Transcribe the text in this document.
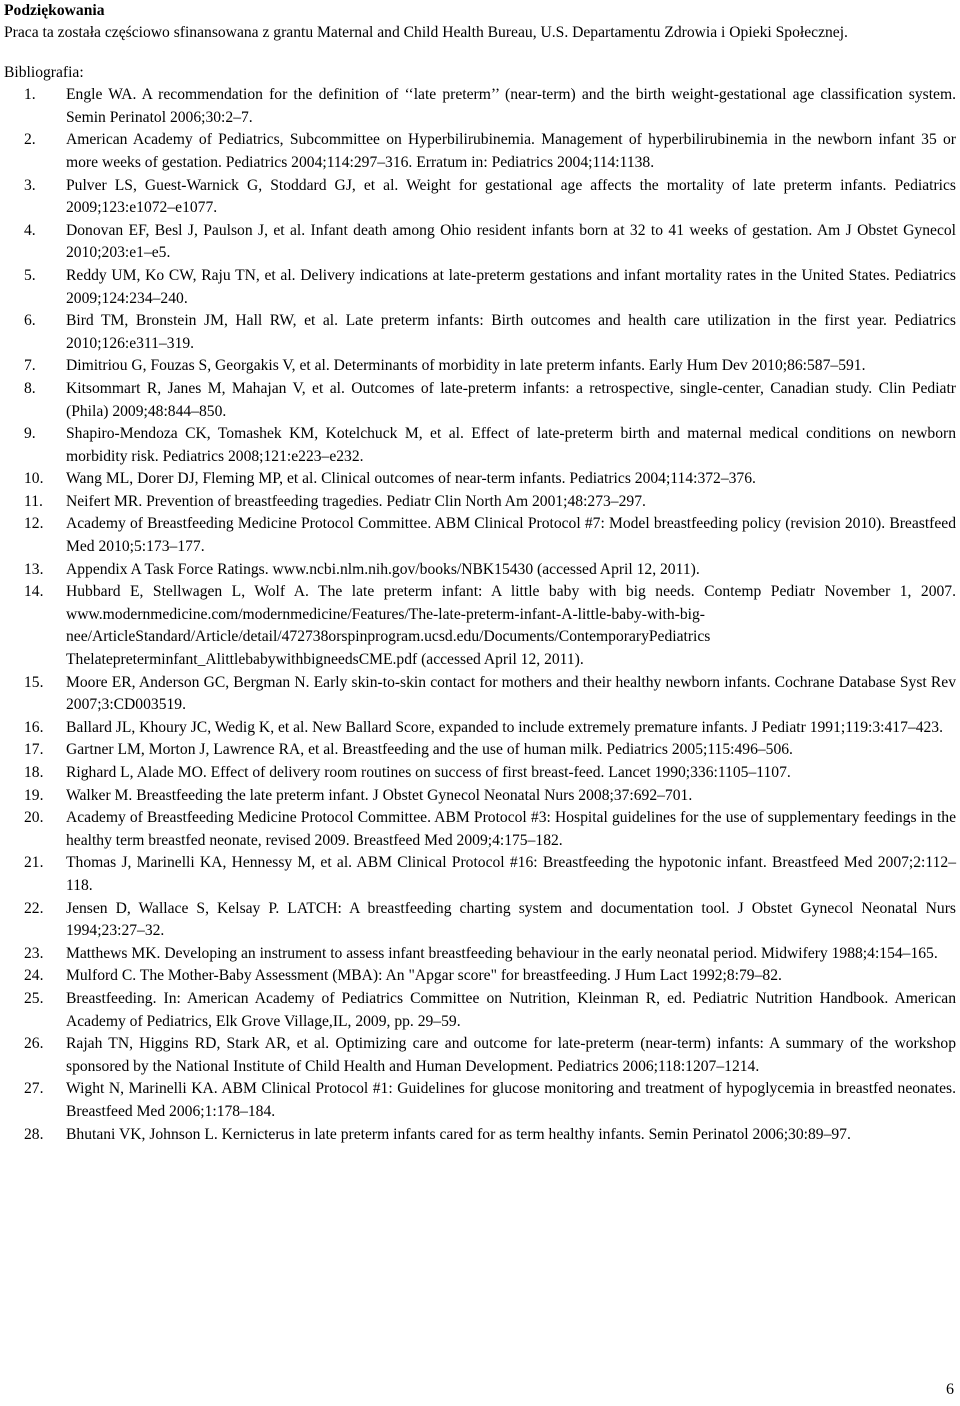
Podziękowania

Praca ta została częściowo sfinansowana z grantu Maternal and Child Health Bureau, U.S. Departamentu Zdrowia i Opieki Społecznej.

Bibliografia:
1.	Engle WA. A recommendation for the definition of ‘‘late preterm’’ (near-term) and the birth weight-gestational age classification system. Semin Perinatol 2006;30:2–7.
2.	American Academy of Pediatrics, Subcommittee on Hyperbilirubinemia. Management of hyperbilirubinemia in the newborn infant 35 or more weeks of gestation. Pediatrics 2004;114:297–316. Erratum in: Pediatrics 2004;114:1138.
3.	Pulver LS, Guest-Warnick G, Stoddard GJ, et al. Weight for gestational age affects the mortality of late preterm infants. Pediatrics 2009;123:e1072–e1077.
4.	Donovan EF, Besl J, Paulson J, et al. Infant death among Ohio resident infants born at 32 to 41 weeks of gestation. Am J Obstet Gynecol 2010;203:e1–e5.
5.	Reddy UM, Ko CW, Raju TN, et al. Delivery indications at late-preterm gestations and infant mortality rates in the United States. Pediatrics 2009;124:234–240.
6.	Bird TM, Bronstein JM, Hall RW, et al. Late preterm infants: Birth outcomes and health care utilization in the first year. Pediatrics 2010;126:e311–319.
7.	Dimitriou G, Fouzas S, Georgakis V, et al. Determinants of morbidity in late preterm infants. Early Hum Dev 2010;86:587–591.
8.	Kitsommart R, Janes M, Mahajan V, et al. Outcomes of late-preterm infants: a retrospective, single-center, Canadian study. Clin Pediatr (Phila) 2009;48:844–850.
9.	Shapiro-Mendoza CK, Tomashek KM, Kotelchuck M, et al. Effect of late-preterm birth and maternal medical conditions on newborn morbidity risk. Pediatrics 2008;121:e223–e232.
10.	Wang ML, Dorer DJ, Fleming MP, et al. Clinical outcomes of near-term infants. Pediatrics 2004;114:372–376.
11.	Neifert MR. Prevention of breastfeeding tragedies. Pediatr Clin North Am 2001;48:273–297.
12.	Academy of Breastfeeding Medicine Protocol Committee. ABM Clinical Protocol #7: Model breastfeeding policy (revision 2010). Breastfeed Med 2010;5:173–177.
13.	Appendix A Task Force Ratings. www.ncbi.nlm.nih.gov/books/NBK15430 (accessed April 12, 2011).
14.	Hubbard E, Stellwagen L, Wolf A. The late preterm infant: A little baby with big needs. Contemp Pediatr November 1, 2007. www.modernmedicine.com/modernmedicine/Features/The-late-preterm-infant-A-little-baby-with-big-nee/ArticleStandard/Article/detail/472738orspinprogram.ucsd.edu/Documents/ContemporaryPediatrics Thelatepreterminfant_AlittlebabywithbigneedsCME.pdf (accessed April 12, 2011).
15.	Moore ER, Anderson GC, Bergman N. Early skin-to-skin contact for mothers and their healthy newborn infants. Cochrane Database Syst Rev 2007;3:CD003519.
16.	Ballard JL, Khoury JC, Wedig K, et al. New Ballard Score, expanded to include extremely premature infants. J Pediatr 1991;119:3:417–423.
17.	Gartner LM, Morton J, Lawrence RA, et al. Breastfeeding and the use of human milk. Pediatrics 2005;115:496–506.
18.	Righard L, Alade MO. Effect of delivery room routines on success of first breast-feed. Lancet 1990;336:1105–1107.
19.	Walker M. Breastfeeding the late preterm infant. J Obstet Gynecol Neonatal Nurs 2008;37:692–701.
20.	Academy of Breastfeeding Medicine Protocol Committee. ABM Protocol #3: Hospital guidelines for the use of supplementary feedings in the healthy term breastfed neonate, revised 2009. Breastfeed Med 2009;4:175–182.
21.	Thomas J, Marinelli KA, Hennessy M, et al. ABM Clinical Protocol #16: Breastfeeding the hypotonic infant. Breastfeed Med 2007;2:112–118.
22.	Jensen D, Wallace S, Kelsay P. LATCH: A breastfeeding charting system and documentation tool. J Obstet Gynecol Neonatal Nurs 1994;23:27–32.
23.	Matthews MK. Developing an instrument to assess infant breastfeeding behaviour in the early neonatal period. Midwifery 1988;4:154–165.
24.	Mulford C. The Mother-Baby Assessment (MBA): An "Apgar score" for breastfeeding. J Hum Lact 1992;8:79–82.
25.	Breastfeeding. In: American Academy of Pediatrics Committee on Nutrition, Kleinman R, ed. Pediatric Nutrition Handbook. American Academy of Pediatrics, Elk Grove Village,IL, 2009, pp. 29–59.
26.	Rajah TN, Higgins RD, Stark AR, et al. Optimizing care and outcome for late-preterm (near-term) infants: A summary of the workshop sponsored by the National Institute of Child Health and Human Development. Pediatrics 2006;118:1207–1214.
27.	Wight N, Marinelli KA. ABM Clinical Protocol #1: Guidelines for glucose monitoring and treatment of hypoglycemia in breastfed neonates. Breastfeed Med 2006;1:178–184.
28.	Bhutani VK, Johnson L. Kernicterus in late preterm infants cared for as term healthy infants. Semin Perinatol 2006;30:89–97.
6
